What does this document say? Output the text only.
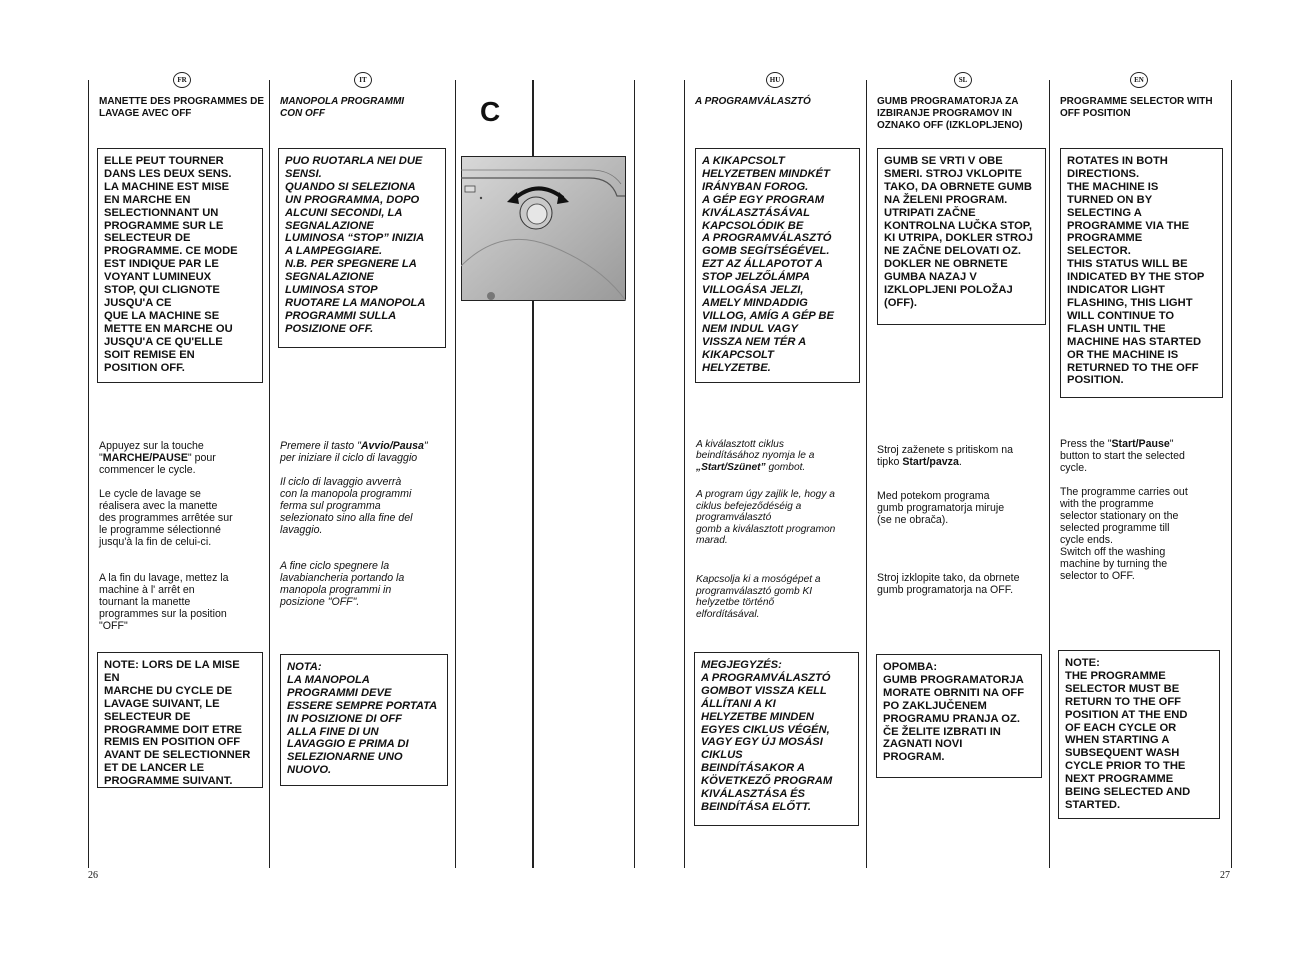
FR	IT	HU	SL	EN
MANETTE DES PROGRAMMES DE LAVAGE AVEC OFF
ELLE PEUT TOURNER
DANS LES DEUX SENS.
LA MACHINE EST MISE
EN MARCHE EN
SELECTIONNANT UN
PROGRAMME SUR LE
SELECTEUR DE
PROGRAMME. CE MODE
EST INDIQUE PAR LE
VOYANT LUMINEUX
STOP, QUI CLIGNOTE
JUSQU'A CE
QUE LA MACHINE SE
METTE EN MARCHE OU
JUSQU'A CE QU'ELLE
SOIT REMISE EN
POSITION OFF.

Appuyez sur la touche
"MARCHE/PAUSE" pour
commencer le cycle.

Le cycle de lavage se
réalisera avec la manette
des programmes arrêtée sur
le programme sélectionné
jusqu'à la fin de celui-ci.

A la fin du lavage, mettez la
machine à l' arrêt en
tournant la manette
programmes sur la position
"OFF"

NOTE: LORS DE LA MISE EN
MARCHE DU CYCLE DE
LAVAGE SUIVANT, LE
SELECTEUR DE
PROGRAMME DOIT ETRE
REMIS EN POSITION OFF
AVANT DE SELECTIONNER
ET DE LANCER LE
PROGRAMME SUIVANT.
MANOPOLA PROGRAMMI
CON OFF
PUO RUOTARLA NEI DUE
SENSI.
QUANDO SI SELEZIONA
UN PROGRAMMA, DOPO
ALCUNI SECONDI, LA
SEGNALAZIONE
LUMINOSA “STOP” INIZIA
A LAMPEGGIARE.
N.B. PER SPEGNERE LA
SEGNALAZIONE
LUMINOSA STOP
RUOTARE LA MANOPOLA
PROGRAMMI SULLA
POSIZIONE OFF.

Premere il tasto "Avvio/Pausa"
per iniziare il ciclo di lavaggio

Il ciclo di lavaggio avverrà
con la manopola programmi
ferma sul programma
selezionato sino alla fine del
lavaggio.

A fine ciclo spegnere la
lavabiancheria portando la
manopola programmi in
posizione "OFF".

NOTA:
LA MANOPOLA
PROGRAMMI DEVE
ESSERE SEMPRE PORTATA
IN POSIZIONE DI OFF
ALLA FINE DI UN
LAVAGGIO E PRIMA DI
SELEZIONARNE UNO
NUOVO.
C	A PROGRAMVÁLASZTÓ
A KIKAPCSOLT
HELYZETBEN MINDKÉT
IRÁNYBAN FOROG.
A GÉP EGY PROGRAM
KIVÁLASZTÁSÁVAL
KAPCSOLÓDIK BE
A PROGRAMVÁLASZTÓ
GOMB SEGÍTSÉGÉVEL.
EZT AZ ÁLLAPOTOT A
STOP JELZŐLÁMPA
VILLOGÁSA JELZI,
AMELY MINDADDIG
VILLOG, AMÍG A GÉP BE
NEM INDUL VAGY
VISSZA NEM TÉR A
KIKAPCSOLT
HELYZETBE.

A kiválasztott ciklus
beindításához nyomja le a
„Start/Szünet” gombot.

A program úgy zajlik le, hogy a
ciklus befejeződéséig a
programválasztó
gomb a kiválasztott programon
marad.

Kapcsolja ki a mosógépet a
programválasztó gomb KI
helyzetbe történő
elfordításával.

MEGJEGYZÉS:
A PROGRAMVÁLASZTÓ
GOMBOT VISSZA KELL
ÁLLÍTANI A KI
HELYZETBE MINDEN
EGYES CIKLUS VÉGÉN,
VAGY EGY ÚJ MOSÁSI
CIKLUS
BEINDÍTÁSAKOR A
KÖVETKEZŐ PROGRAM
KIVÁLASZTÁSA ÉS
BEINDÍTÁSA ELŐTT.
GUMB PROGRAMATORJA ZA
IZBIRANJE PROGRAMOV IN
OZNAKO OFF (IZKLOPLJENO)
GUMB SE VRTI V OBE
SMERI. STROJ VKLOPITE
TAKO, DA OBRNETE GUMB
NA ŽELENI PROGRAM.
UTRIPATI ZAČNE
KONTROLNA LUČKA STOP,
KI UTRIPA, DOKLER STROJ
NE ZAČNE DELOVATI OZ.
DOKLER NE OBRNETE
GUMBA NAZAJ V
IZKLOPLJENI POLOŽAJ
(OFF).

Stroj zaženete s pritiskom na
tipko Start/pavza.

Med potekom programa
gumb programatorja miruje
(se ne obrača).

Stroj izklopite tako, da obrnete
gumb programatorja na OFF.

OPOMBA:
GUMB PROGRAMATORJA
MORATE OBRNITI NA OFF
PO ZAKLJUČENEM
PROGRAMU PRANJA OZ.
ČE ŽELITE IZBRATI IN
ZAGNATI NOVI
PROGRAM.
PROGRAMME SELECTOR WITH
OFF POSITION
ROTATES IN BOTH
DIRECTIONS.
THE MACHINE IS
TURNED ON BY
SELECTING A
PROGRAMME VIA THE
PROGRAMME
SELECTOR.
THIS STATUS WILL BE
INDICATED BY THE STOP
INDICATOR LIGHT
FLASHING, THIS LIGHT
WILL CONTINUE TO
FLASH UNTIL THE
MACHINE HAS STARTED
OR THE MACHINE IS
RETURNED TO THE OFF
POSITION.

Press the "Start/Pause"
button to start the selected
cycle.

The programme carries out
with the programme
selector stationary on the
selected programme till
cycle ends.
Switch off the washing
machine by turning the
selector to OFF.

NOTE:
THE PROGRAMME
SELECTOR MUST BE
RETURN TO THE OFF
POSITION AT THE END
OF EACH CYCLE OR
WHEN STARTING A
SUBSEQUENT WASH
CYCLE PRIOR TO THE
NEXT PROGRAMME
BEING SELECTED AND
STARTED.
26	27
